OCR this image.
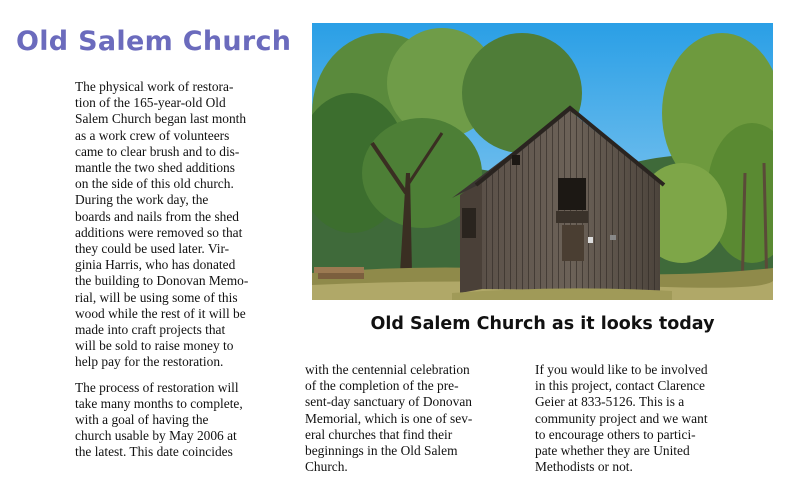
Old Salem Church

The physical work of restora-
tion of the 165-year-old Old
Salem Church began last month
as a work crew of volunteers
came to clear brush and to dis-
mantle the two shed additions
on the side of this old church.
During the work day, the
boards and nails from the shed
additions were removed so that
they could be used later. Vir-
ginia Harris, who has donated
the building to Donovan Memo-
rial, will be using some of this
wood while the rest of it will be
made into craft projects that
will be sold to raise money to
help pay for the restoration.

The process of restoration will
take many months to complete,
with a goal of having the
church usable by May 2006 at
the latest. This date coincides

Old Salem Church as it looks today

with the centennial celebration
of the completion of the pre-
sent-day sanctuary of Donovan
Memorial, which is one of sev-
eral churches that find their
beginnings in the Old Salem
Church.

If you would like to be involved
in this project, contact Clarence
Geier at 833-5126. This is a
community project and we want
to encourage others to partici-
pate whether they are United
Methodists or not.
